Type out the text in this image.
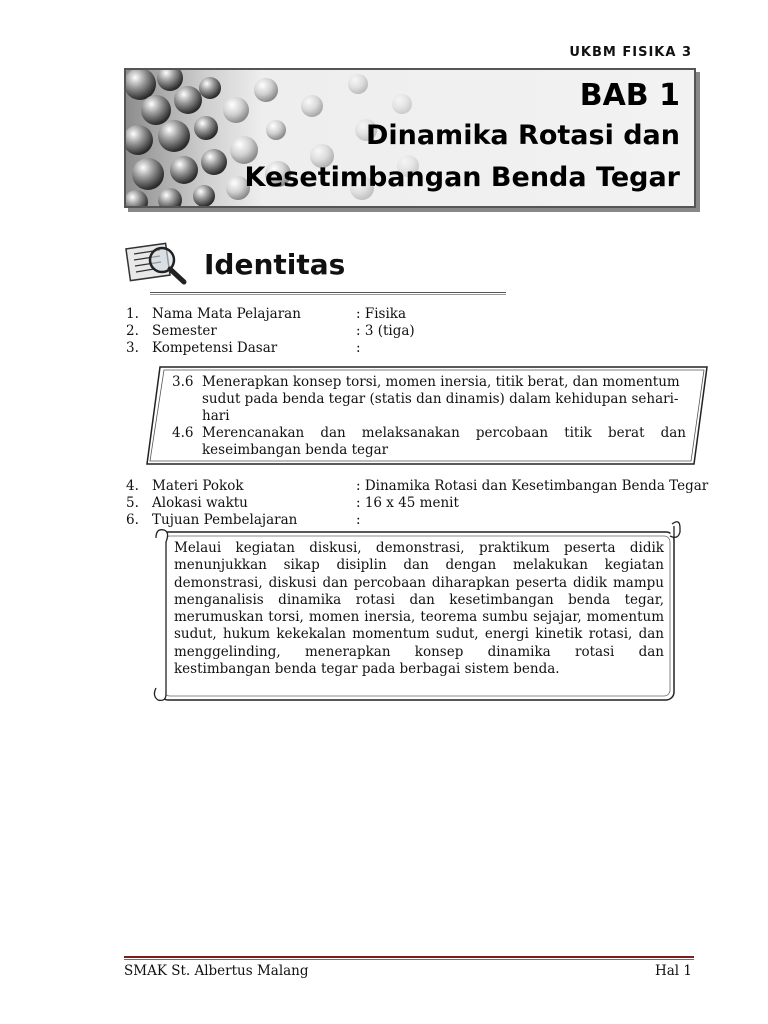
UKBM FISIKA 3
BAB 1
Dinamika Rotasi dan
Kesetimbangan Benda Tegar
Identitas
1. Nama Mata Pelajaran	: Fisika
2. Semester	: 3 (tiga)
3. Kompetensi Dasar	:
3.6 Menerapkan konsep torsi, momen inersia, titik berat, dan momentum
sudut pada benda tegar (statis dan dinamis) dalam kehidupan sehari-
hari
4.6 Merencanakan dan melaksanakan percobaan titik berat dan
keseimbangan benda tegar
4. Materi Pokok	: Dinamika Rotasi dan Kesetimbangan Benda Tegar
5. Alokasi waktu	: 16 x 45 menit
6. Tujuan Pembelajaran	:
Melaui kegiatan diskusi, demonstrasi, praktikum peserta didik menunjukkan sikap disiplin dan dengan melakukan kegiatan demonstrasi, diskusi dan percobaan diharapkan peserta didik mampu menganalisis dinamika rotasi dan kesetimbangan benda tegar, merumuskan torsi, momen inersia, teorema sumbu sejajar, momentum sudut, hukum kekekalan momentum sudut, energi kinetik rotasi, dan menggelinding, menerapkan konsep dinamika rotasi dan kestimbangan benda tegar pada berbagai sistem benda.
SMAK St. Albertus Malang	Hal 1
